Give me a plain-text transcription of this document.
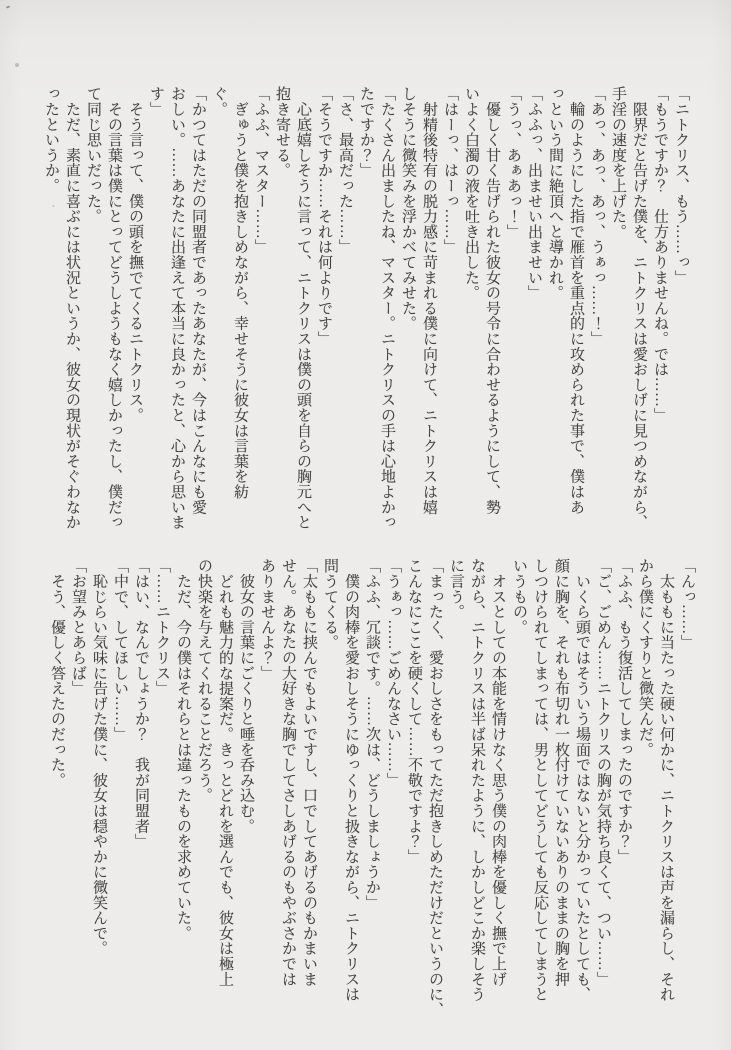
「ニトクリス、もう……っ」
「もうですか？　仕方ありませんね。では……」
　限界だと告げた僕を、ニトクリスは愛おしげに見つめながら、
手淫の速度を上げた。
「あっ、あっ、あっ、うぁっ……！」
　輪のようにした指で雁首を重点的に攻められた事で、僕はあ
っという間に絶頂へと導かれ。
「ふふっ、出ませい出ませい」
「うっ、あぁあっ！」
　優しく甘く告げられた彼女の号令に合わせるようにして、勢
いよく白濁の液を吐き出した。
「はーっ、はーっ……」
　射精後特有の脱力感に苛まれる僕に向けて、ニトクリスは嬉
しそうに微笑みを浮かべてみせた。
「たくさん出ましたね、マスター。ニトクリスの手は心地よかっ
たですか？」
「さ、最高だった……」
「そうですか……それは何よりです」
　心底嬉しそうに言って、ニトクリスは僕の頭を自らの胸元へと
抱き寄せる。
「ふふ、マスター……」
　ぎゅうと僕を抱きしめながら、幸せそうに彼女は言葉を紡
ぐ。
「かつてはただの同盟者であったあなたが、今はこんなにも愛
おしい。……あなたに出逢えて本当に良かったと、心から思いま
す」
　そう言って、僕の頭を撫でてくるニトクリス。
　その言葉は僕にとってどうしようもなく嬉しかったし、僕だっ
て同じ思いだった。
　ただ、素直に喜ぶには状況というか、彼女の現状がそぐわなか
ったというか。
「んっ……」
　太ももに当たった硬い何かに、ニトクリスは声を漏らし、それ
から僕にくすりと微笑んだ。
「ふふ、もう復活してしまったのですか？」
「ご、ごめん……ニトクリスの胸が気持ち良くて、つい……」
　いくら頭ではそういう場面ではないと分かっていたとしても、
顔に胸を、それも布切れ一枚付けていないありのままの胸を押
しつけられてしまっては、男としてどうしても反応してしまうと
いうもの。
　オスとしての本能を情けなく思う僕の肉棒を優しく撫で上げ
ながら、ニトクリスは半ば呆れたように、しかしどこか楽しそう
に言う。
「まったく、愛おしさをもってただ抱きしめただけだというのに、
こんなにここを硬くして……不敬ですよ？」
「うぁっ……ごめんなさい……」
「ふふ、冗談です。……次は、どうしましょうか」
　僕の肉棒を愛おしそうにゆっくりと扱きながら、ニトクリスは
問うてくる。
「太ももに挟んでもよいですし、口でしてあげるのもかまいま
せん。あなたの大好きな胸でしてさしあげるのもやぶさかでは
ありませんよ？」
　彼女の言葉にごくりと唾を呑み込む。
　どれも魅力的な提案だ。きっとどれを選んでも、彼女は極上
の快楽を与えてくれることだろう。
　ただ、今の僕はそれらとは違ったものを求めていた。
「……ニトクリス」
「はい、なんでしょうか？　我が同盟者」
「中で、してほしい……」
　恥じらい気味に告げた僕に、彼女は穏やかに微笑んで。
「お望みとあらば」
　そう、優しく答えたのだった。
